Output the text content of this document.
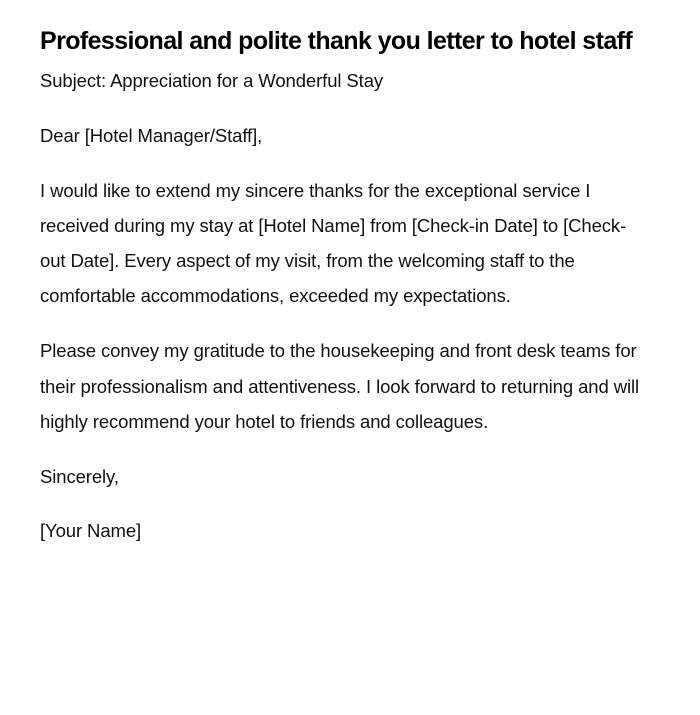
Professional and polite thank you letter to hotel staff

Subject: Appreciation for a Wonderful Stay

Dear [Hotel Manager/Staff],

I would like to extend my sincere thanks for the exceptional service I received during my stay at [Hotel Name] from [Check-in Date] to [Check-out Date]. Every aspect of my visit, from the welcoming staff to the comfortable accommodations, exceeded my expectations.

Please convey my gratitude to the housekeeping and front desk teams for their professionalism and attentiveness. I look forward to returning and will highly recommend your hotel to friends and colleagues.

Sincerely,

[Your Name]
